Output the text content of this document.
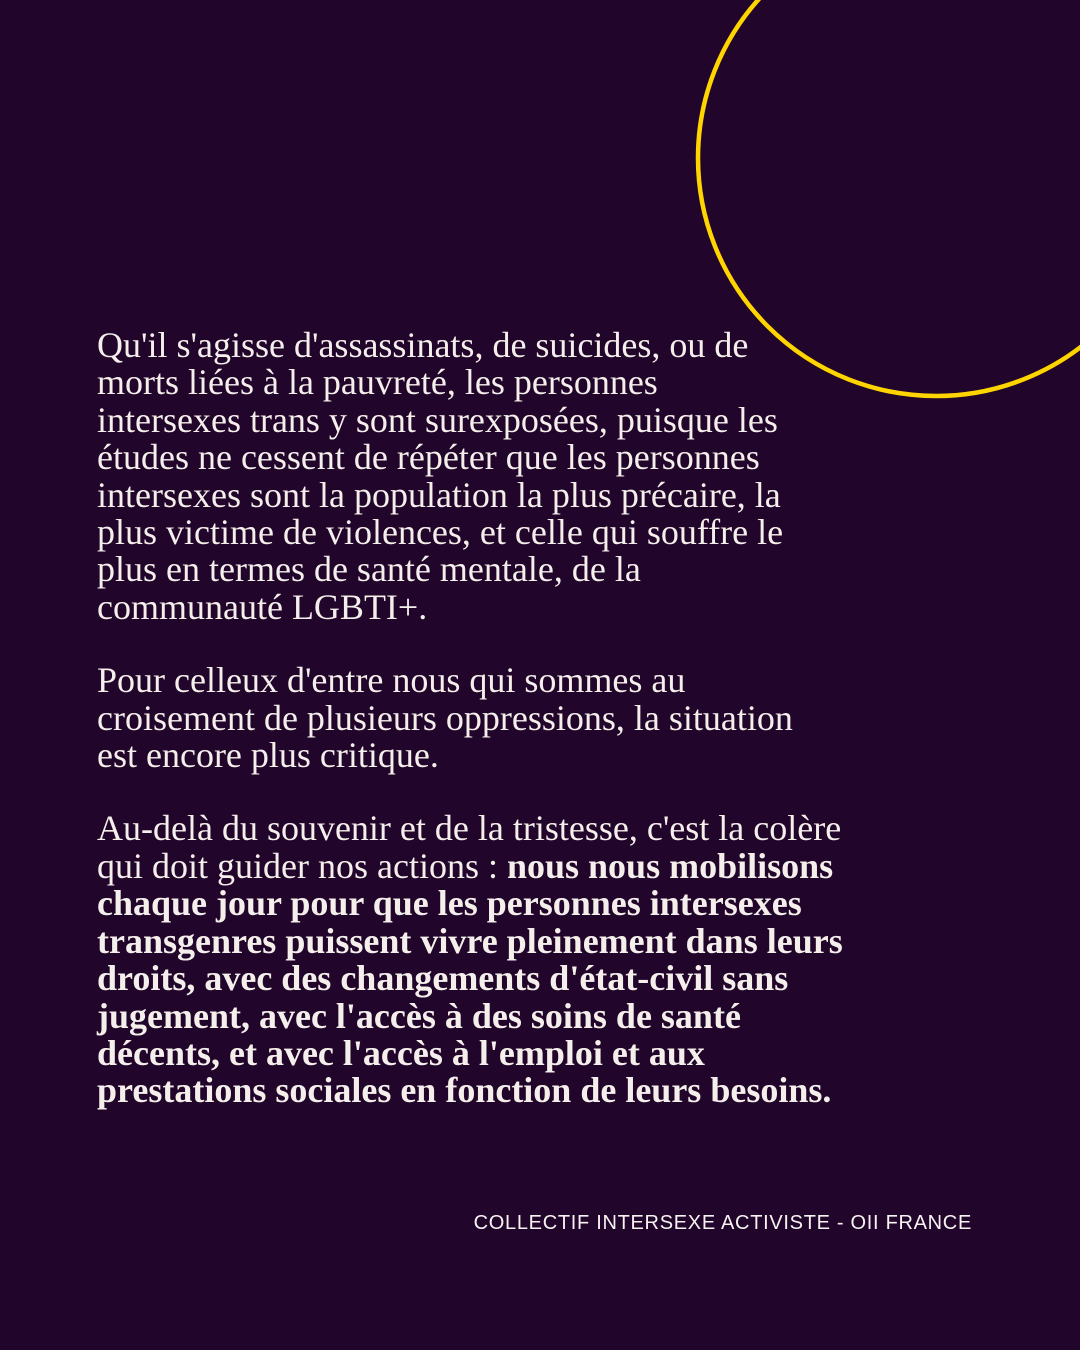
Qu'il s'agisse d'assassinats, de suicides, ou de
morts liées à la pauvreté, les personnes
intersexes trans y sont surexposées, puisque les
études ne cessent de répéter que les personnes
intersexes sont la population la plus précaire, la
plus victime de violences, et celle qui souffre le
plus en termes de santé mentale, de la
communauté LGBTI+.

Pour celleux d'entre nous qui sommes au
croisement de plusieurs oppressions, la situation
est encore plus critique.

Au-delà du souvenir et de la tristesse, c'est la colère
qui doit guider nos actions : nous nous mobilisons
chaque jour pour que les personnes intersexes
transgenres puissent vivre pleinement dans leurs
droits, avec des changements d'état-civil sans
jugement, avec l'accès à des soins de santé
décents, et avec l'accès à l'emploi et aux
prestations sociales en fonction de leurs besoins.

COLLECTIF INTERSEXE ACTIVISTE - OII FRANCE
